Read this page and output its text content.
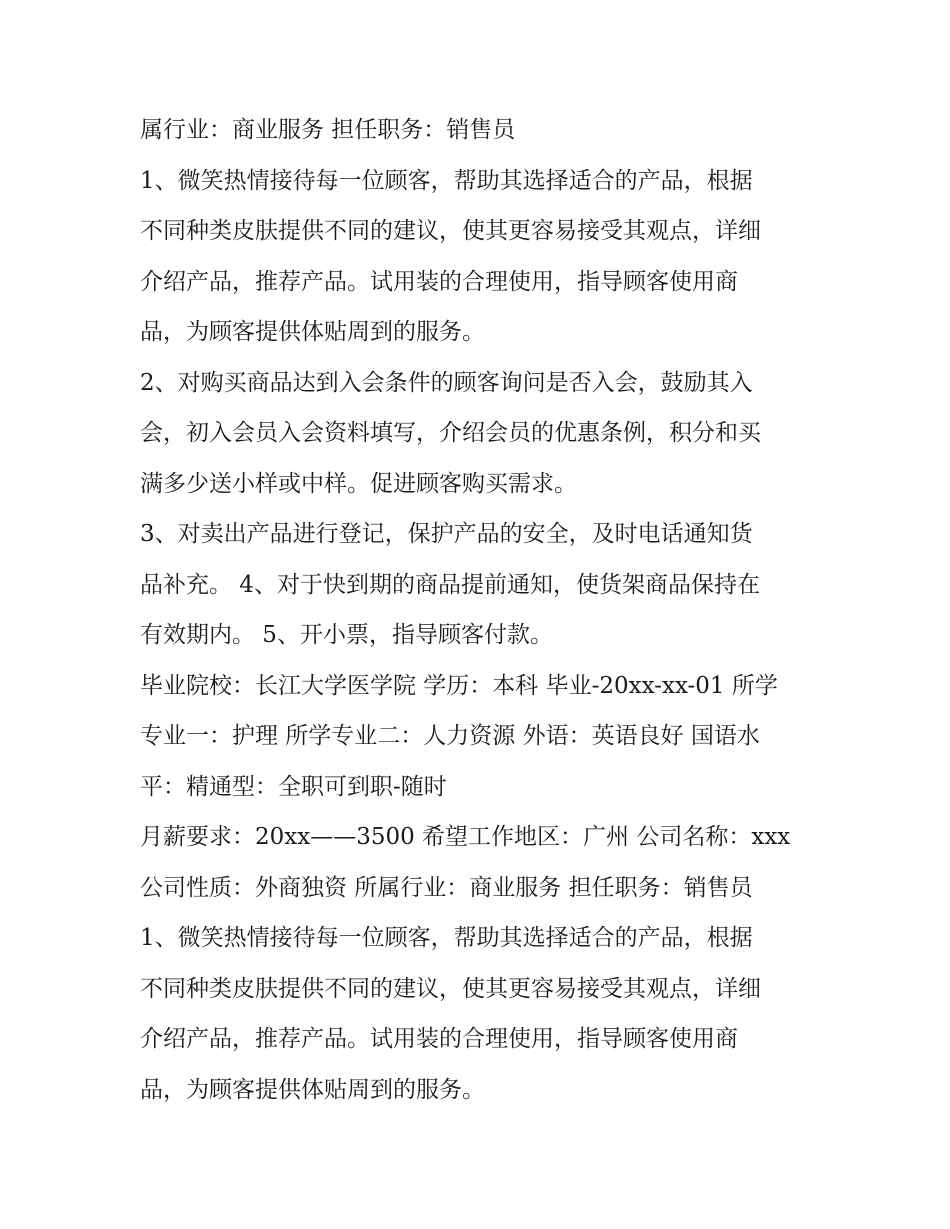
属行业：商业服务 担任职务：销售员
1、微笑热情接待每一位顾客，帮助其选择适合的产品，根据
不同种类皮肤提供不同的建议，使其更容易接受其观点，详细
介绍产品，推荐产品。试用装的合理使用，指导顾客使用商
品，为顾客提供体贴周到的服务。
2、对购买商品达到入会条件的顾客询问是否入会，鼓励其入
会，初入会员入会资料填写，介绍会员的优惠条例，积分和买
满多少送小样或中样。促进顾客购买需求。
3、对卖出产品进行登记，保护产品的安全，及时电话通知货
品补充。 4、对于快到期的商品提前通知，使货架商品保持在
有效期内。 5、开小票，指导顾客付款。
毕业院校：长江大学医学院 学历：本科 毕业-20xx-xx-01 所学
专业一：护理 所学专业二：人力资源 外语：英语良好 国语水
平：精通型：全职可到职-随时
月薪要求：20xx——3500 希望工作地区：广州 公司名称：xxx
公司性质：外商独资 所属行业：商业服务 担任职务：销售员
1、微笑热情接待每一位顾客，帮助其选择适合的产品，根据
不同种类皮肤提供不同的建议，使其更容易接受其观点，详细
介绍产品，推荐产品。试用装的合理使用，指导顾客使用商
品，为顾客提供体贴周到的服务。
